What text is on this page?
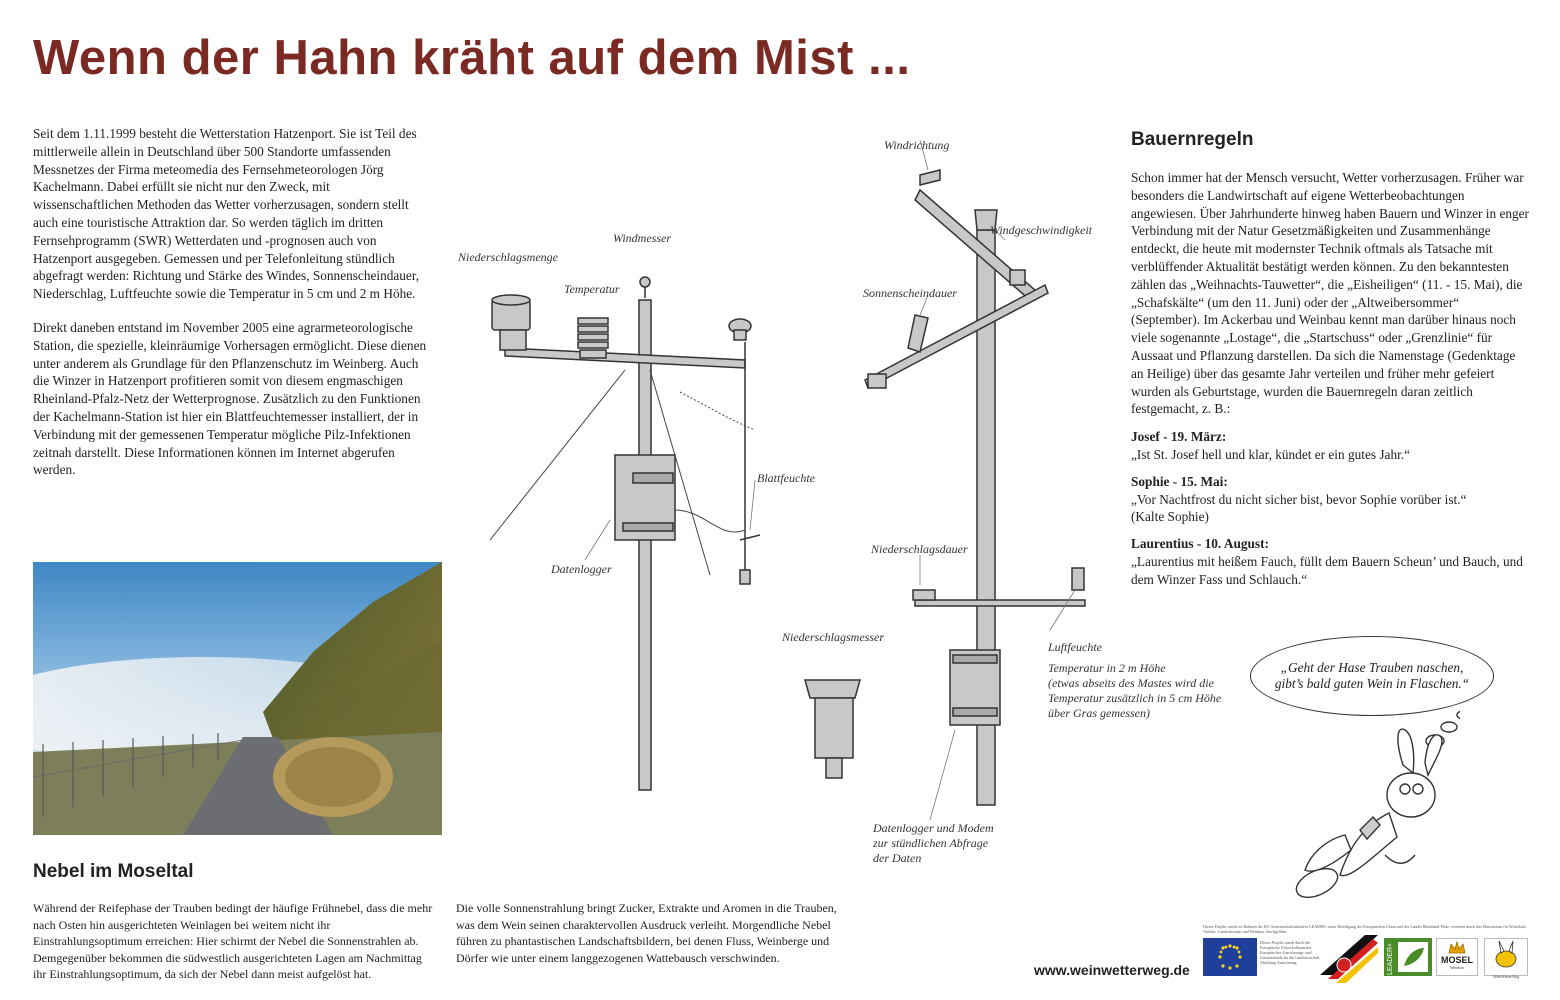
Wenn der Hahn kräht auf dem Mist ...

Seit dem 1.11.1999 besteht die Wetterstation Hatzenport. Sie ist Teil des mittlerweile allein in Deutschland über 500 Standorte umfassenden Messnetzes der Firma meteomedia des Fernsehmeteorologen Jörg Kachelmann. Dabei erfüllt sie nicht nur den Zweck, mit wissenschaftlichen Methoden das Wetter vorherzusagen, sondern stellt auch eine touristische Attraktion dar. So werden täglich im dritten Fernsehprogramm (SWR) Wetterdaten und -prognosen auch von Hatzenport ausgegeben. Gemessen und per Telefonleitung stündlich abgefragt werden: Richtung und Stärke des Windes, Sonnenscheindauer, Niederschlag, Luftfeuchte sowie die Temperatur in 5 cm und 2 m Höhe.

Direkt daneben entstand im November 2005 eine agrarmeteorologische Station, die spezielle, kleinräumige Vorhersagen ermöglicht. Diese dienen unter anderem als Grundlage für den Pflanzenschutz im Weinberg. Auch die Winzer in Hatzenport profitieren somit von diesem engmaschigen Rheinland-Pfalz-Netz der Wetterprognose. Zusätzlich zu den Funktionen der Kachelmann-Station ist hier ein Blattfeuchtemesser installiert, der in Verbindung mit der gemessenen Temperatur mögliche Pilz-Infektionen zeitnah darstellt. Diese Informationen können im Internet abgerufen werden.

Niederschlagsmenge
Windmesser
Temperatur
Blattfeuchte
Datenlogger
Windrichtung
Windgeschwindigkeit
Sonnenscheindauer
Niederschlagsdauer
Niederschlagsmesser
Luftfeuchte
Temperatur in 2 m Höhe
(etwas abseits des Mastes wird die
Temperatur zusätzlich in 5 cm Höhe
über Gras gemessen)
Datenlogger und Modem
zur stündlichen Abfrage
der Daten
Bauernregeln

Schon immer hat der Mensch versucht, Wetter vorherzusagen. Früher war besonders die Landwirtschaft auf eigene Wetterbeobachtungen angewiesen. Über Jahrhunderte hinweg haben Bauern und Winzer in enger Verbindung mit der Natur Gesetzmäßigkeiten und Zusammenhänge entdeckt, die heute mit modernster Technik oftmals als Tatsache mit verblüffender Aktualität bestätigt werden können. Zu den bekanntesten zählen das „Weihnachts-Tauwetter“, die „Eisheiligen“ (11. - 15. Mai), die „Schafskälte“ (um den 11. Juni) oder der „Altweibersommer“ (September). Im Ackerbau und Weinbau kennt man darüber hinaus noch viele sogenannte „Lostage“, die „Startschuss“ oder „Grenzlinie“ für Aussaat und Pflanzung darstellen. Da sich die Namenstage (Gedenktage an Heilige) über das gesamte Jahr verteilen und früher mehr gefeiert wurden als Geburtstage, wurden die Bauernregeln daran zeitlich festgemacht, z. B.:

Josef - 19. März:
„Ist St. Josef hell und klar, kündet er ein gutes Jahr.“
Sophie - 15. Mai:
„Vor Nachtfrost du nicht sicher bist, bevor Sophie vorüber ist.“
(Kalte Sophie)
Laurentius - 10. August:
„Laurentius mit heißem Fauch, füllt dem Bauern Scheun’ und Bauch, und dem Winzer Fass und Schlauch.“
„Geht der Hase Trauben naschen,
gibt’s bald guten Wein in Flaschen.“
Nebel im Moseltal
Während der Reifephase der Trauben bedingt der häufige Frühnebel, dass die mehr nach Osten hin ausgerichteten Weinlagen bei weitem nicht ihr Einstrahlungsoptimum erreichen: Hier schirmt der Nebel die Sonnenstrahlen ab. Demgegenüber bekommen die südwestlich ausgerichteten Lagen am Nachmittag ihr Einstrahlungsoptimum, da sich der Nebel dann meist aufgelöst hat.
Die volle Sonnenstrahlung bringt Zucker, Extrakte und Aromen in die Trauben, was dem Wein seinen charaktervollen Ausdruck verleiht. Morgendliche Nebel führen zu phantastischen Landschaftsbildern, bei denen Fluss, Weinberge und Dörfer wie unter einem langgezogenen Wattebausch verschwinden.
www.weinwetterweg.de
Dieses Projekt wurde im Rahmen der EU Gemeinschaftsinitiative LEADER+ unter Beteiligung der Europäischen Union und des Landes Rheinland-Pfalz, vertreten durch das Ministerium für Wirtschaft, Verkehr, Landwirtschaft und Weinbau, durchgeführt.
Dieses Projekt wurde durch die Europäische Union kofinanziert
Europäischer Ausrichtungs- und Garantiefonds für die Landwirtschaft, Abteilung Ausrichtung	LEADER+	MOSEL
Weinbau
WeinWetterWeg
